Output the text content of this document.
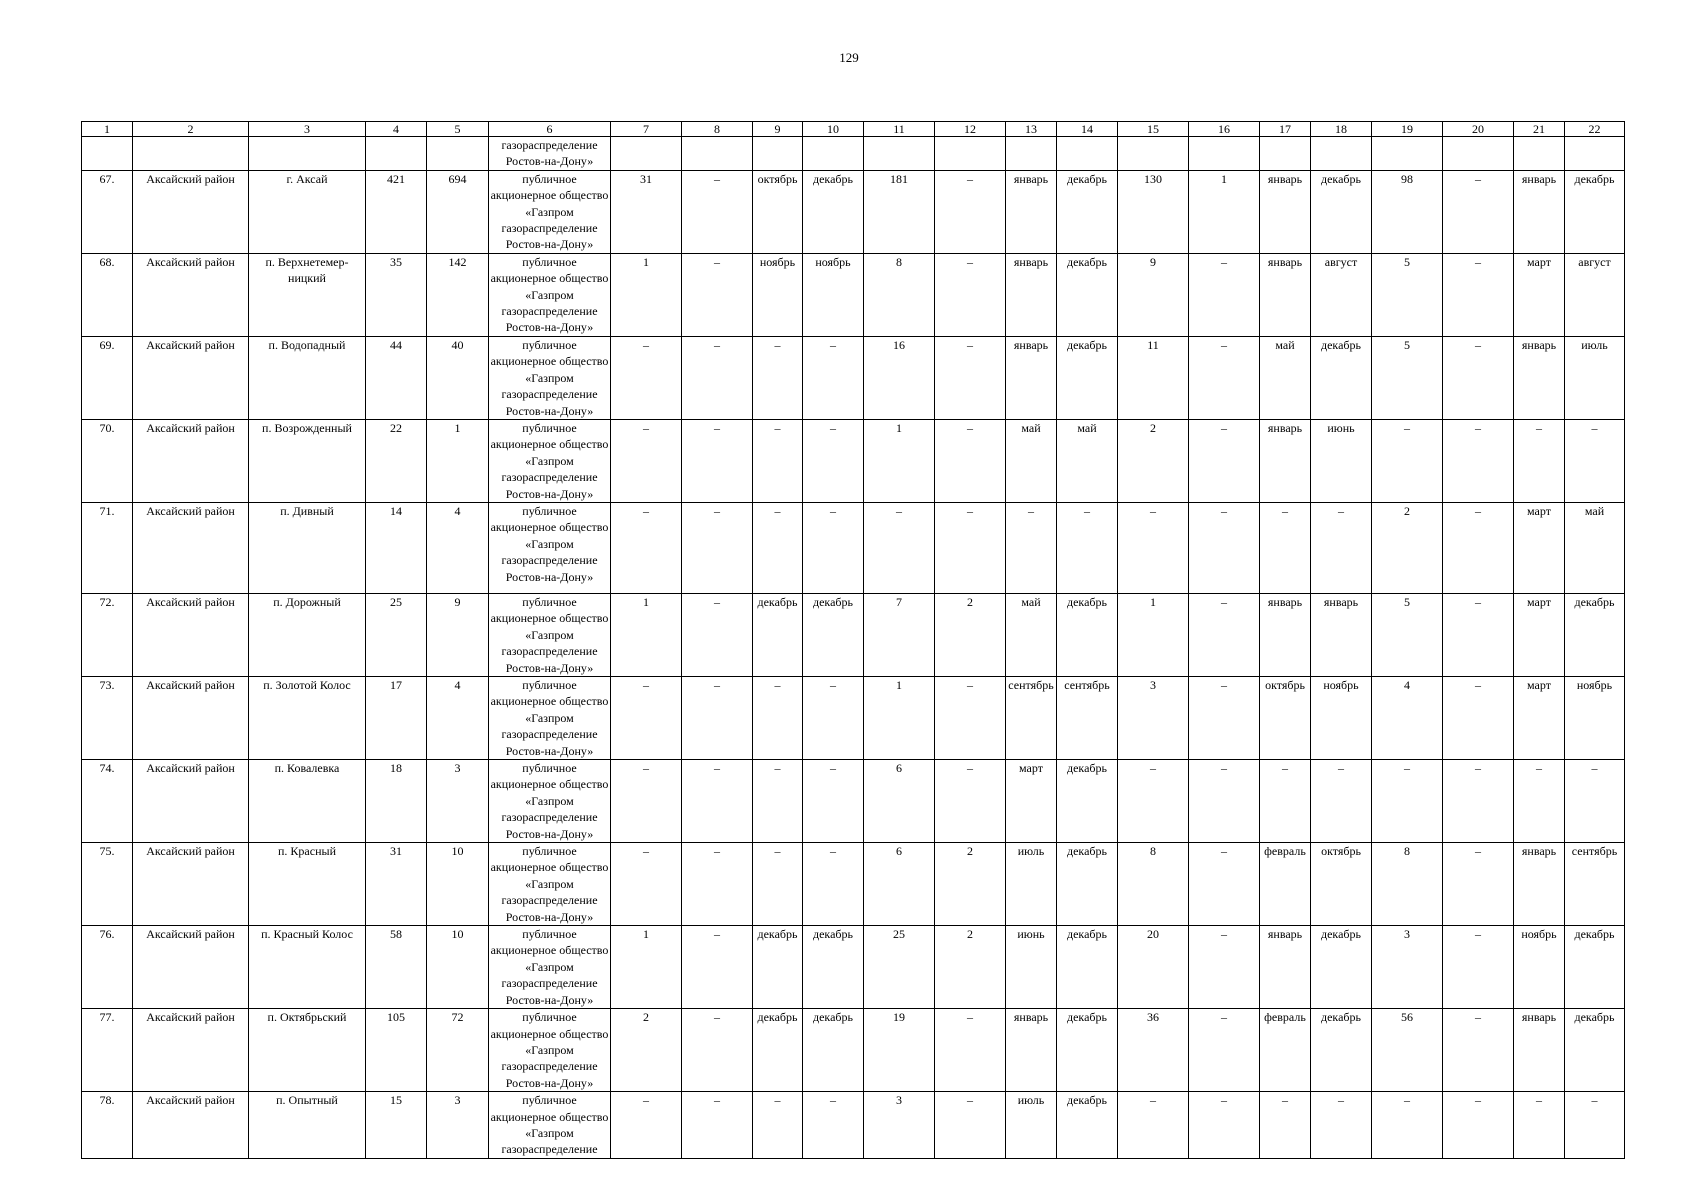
129
1	2	3	4	5	6	7	8	9	10	11	12	13	14	15	16	17	18	19	20	21	22
					газораспределение Ростов-на-Дону»																
67.	Аксайский район	г. Аксай	421	694	публичное акционерное общество «Газпром газораспределение Ростов-на-Дону»	31	–	октябрь	декабрь	181	–	январь	декабрь	130	1	январь	декабрь	98	–	январь	декабрь
68.	Аксайский район	п. Верхнетемер-ницкий	35	142	публичное акционерное общество «Газпром газораспределение Ростов-на-Дону»	1	–	ноябрь	ноябрь	8	–	январь	декабрь	9	–	январь	август	5	–	март	август
69.	Аксайский район	п. Водопадный	44	40	публичное акционерное общество «Газпром газораспределение Ростов-на-Дону»	–	–	–	–	16	–	январь	декабрь	11	–	май	декабрь	5	–	январь	июль
70.	Аксайский район	п. Возрожденный	22	1	публичное акционерное общество «Газпром газораспределение Ростов-на-Дону»	–	–	–	–	1	–	май	май	2	–	январь	июнь	–	–	–	–
71.	Аксайский район	п. Дивный	14	4	публичное акционерное общество «Газпром газораспределение Ростов-на-Дону»	–	–	–	–	–	–	–	–	–	–	–	–	2	–	март	май
72.	Аксайский район	п. Дорожный	25	9	публичное акционерное общество «Газпром газораспределение Ростов-на-Дону»	1	–	декабрь	декабрь	7	2	май	декабрь	1	–	январь	январь	5	–	март	декабрь
73.	Аксайский район	п. Золотой Колос	17	4	публичное акционерное общество «Газпром газораспределение Ростов-на-Дону»	–	–	–	–	1	–	сентябрь	сентябрь	3	–	октябрь	ноябрь	4	–	март	ноябрь
74.	Аксайский район	п. Ковалевка	18	3	публичное акционерное общество «Газпром газораспределение Ростов-на-Дону»	–	–	–	–	6	–	март	декабрь	–	–	–	–	–	–	–	–
75.	Аксайский район	п. Красный	31	10	публичное акционерное общество «Газпром газораспределение Ростов-на-Дону»	–	–	–	–	6	2	июль	декабрь	8	–	февраль	октябрь	8	–	январь	сентябрь
76.	Аксайский район	п. Красный Колос	58	10	публичное акционерное общество «Газпром газораспределение Ростов-на-Дону»	1	–	декабрь	декабрь	25	2	июнь	декабрь	20	–	январь	декабрь	3	–	ноябрь	декабрь
77.	Аксайский район	п. Октябрьский	105	72	публичное акционерное общество «Газпром газораспределение Ростов-на-Дону»	2	–	декабрь	декабрь	19	–	январь	декабрь	36	–	февраль	декабрь	56	–	январь	декабрь
78.	Аксайский район	п. Опытный	15	3	публичное акционерное общество «Газпром газораспределение	–	–	–	–	3	–	июль	декабрь	–	–	–	–	–	–	–	–
